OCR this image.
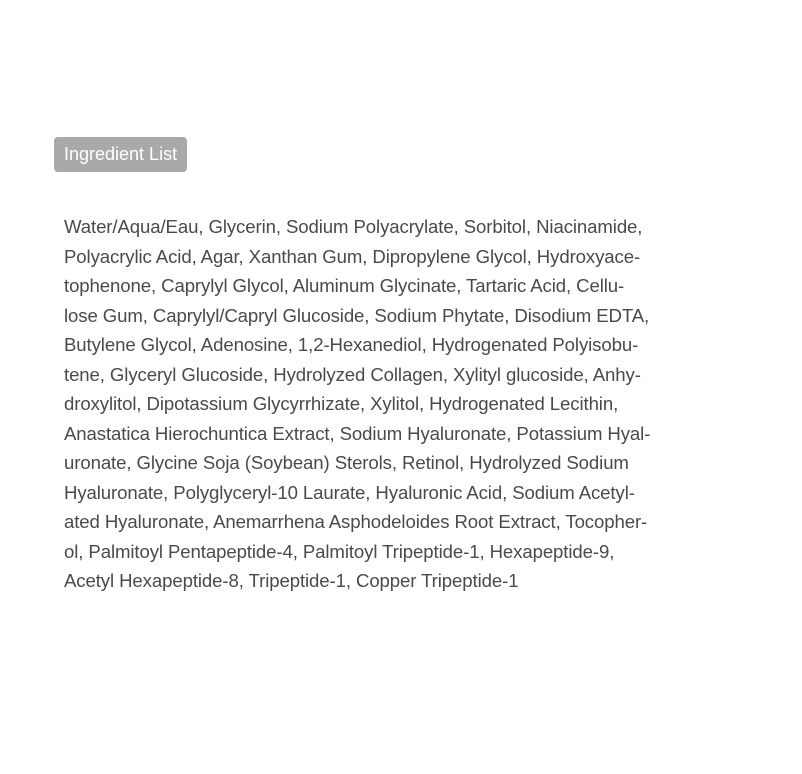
Ingredient List
Water/Aqua/Eau, Glycerin, Sodium Polyacrylate, Sorbitol, Niacinamide,
Polyacrylic Acid, Agar, Xanthan Gum, Dipropylene Glycol, Hydroxyace-
tophenone, Caprylyl Glycol, Aluminum Glycinate, Tartaric Acid, Cellu-
lose Gum, Caprylyl/Capryl Glucoside, Sodium Phytate, Disodium EDTA,
Butylene Glycol, Adenosine, 1,2-Hexanediol, Hydrogenated Polyisobu-
tene, Glyceryl Glucoside, Hydrolyzed Collagen, Xylityl glucoside, Anhy-
droxylitol, Dipotassium Glycyrrhizate, Xylitol, Hydrogenated Lecithin,
Anastatica Hierochuntica Extract, Sodium Hyaluronate, Potassium Hyal-
uronate, Glycine Soja (Soybean) Sterols, Retinol, Hydrolyzed Sodium
Hyaluronate, Polyglyceryl-10 Laurate, Hyaluronic Acid, Sodium Acetyl-
ated Hyaluronate, Anemarrhena Asphodeloides Root Extract, Tocopher-
ol, Palmitoyl Pentapeptide-4, Palmitoyl Tripeptide-1, Hexapeptide-9,
Acetyl Hexapeptide-8, Tripeptide-1, Copper Tripeptide-1
